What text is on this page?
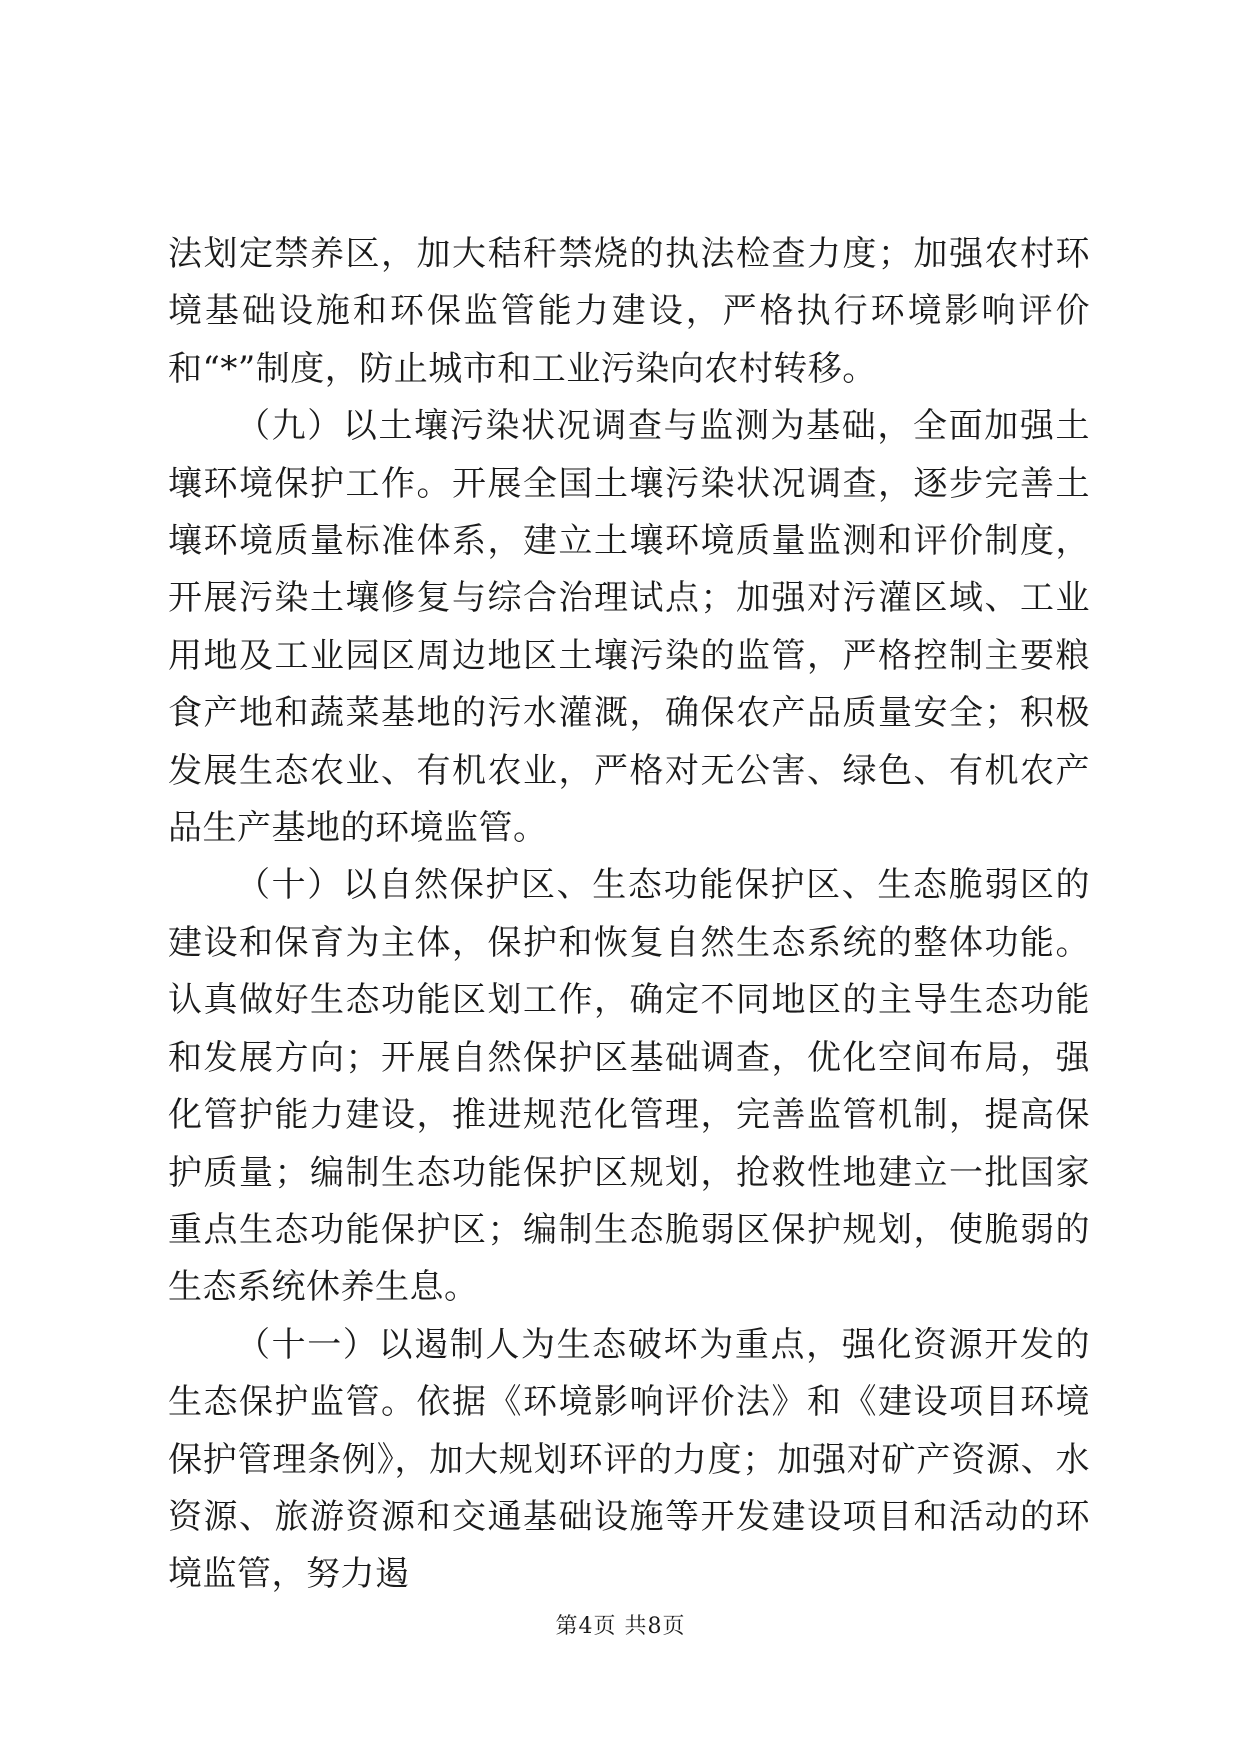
法划定禁养区，加大秸秆禁烧的执法检查力度；加强农村环境基础设施和环保监管能力建设，严格执行环境影响评价和“*”制度，防止城市和工业污染向农村转移。

（九）以土壤污染状况调查与监测为基础，全面加强土壤环境保护工作。开展全国土壤污染状况调查，逐步完善土壤环境质量标准体系，建立土壤环境质量监测和评价制度，开展污染土壤修复与综合治理试点；加强对污灌区域、工业用地及工业园区周边地区土壤污染的监管，严格控制主要粮食产地和蔬菜基地的污水灌溉，确保农产品质量安全；积极发展生态农业、有机农业，严格对无公害、绿色、有机农产品生产基地的环境监管。

（十）以自然保护区、生态功能保护区、生态脆弱区的建设和保育为主体，保护和恢复自然生态系统的整体功能。认真做好生态功能区划工作，确定不同地区的主导生态功能和发展方向；开展自然保护区基础调查，优化空间布局，强化管护能力建设，推进规范化管理，完善监管机制，提高保护质量；编制生态功能保护区规划，抢救性地建立一批国家重点生态功能保护区；编制生态脆弱区保护规划，使脆弱的生态系统休养生息。

（十一）以遏制人为生态破坏为重点，强化资源开发的生态保护监管。依据《环境影响评价法》和《建设项目环境保护管理条例》，加大规划环评的力度；加强对矿产资源、水资源、旅游资源和交通基础设施等开发建设项目和活动的环境监管，努力遏

第4页 共8页
